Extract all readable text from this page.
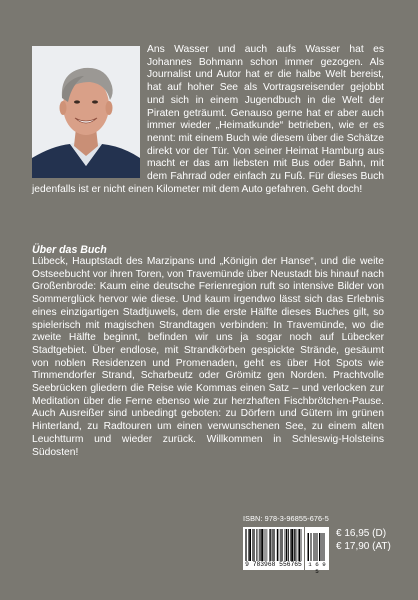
Ans Wasser und auch aufs Wasser hat es Johannes Bohmann schon immer gezogen. Als Journalist und Autor hat er die halbe Welt bereist, hat auf hoher See als Vortragsreisender gejobbt und sich in einem Jugendbuch in die Welt der Piraten geträumt. Genauso gerne hat er aber auch immer wieder „Heimatkunde“ betrieben, wie er es nennt: mit einem Buch wie diesem über die Schätze direkt vor der Tür. Von seiner Heimat Hamburg aus macht er das am liebsten mit Bus oder Bahn, mit dem Fahrrad oder einfach zu Fuß. Für dieses Buch jedenfalls ist er nicht einen Kilometer mit dem Auto gefahren. Geht doch!

Über das Buch

Lübeck, Hauptstadt des Marzipans und „Königin der Hanse“, und die weite Ostseebucht vor ihren Toren, von Travemünde über Neustadt bis hinauf nach Großenbrode: Kaum eine deutsche Ferienregion ruft so intensive Bilder von Sommerglück hervor wie diese. Und kaum irgendwo lässt sich das Erlebnis eines einzigartigen Stadtjuwels, dem die erste Hälfte dieses Buches gilt, so spielerisch mit magischen Strandtagen verbinden: In Travemünde, wo die zweite Hälfte beginnt, befinden wir uns ja sogar noch auf Lübecker Stadtgebiet. Über endlose, mit Strandkörben gespickte Strände, gesäumt von noblen Residenzen und Promenaden, geht es über Hot Spots wie Timmendorfer Strand, Scharbeutz oder Grömitz gen Norden. Prachtvolle Seebrücken gliedern die Reise wie Kommas einen Satz – und verlocken zur Meditation über die Ferne ebenso wie zur herzhaften Fischbrötchen-Pause. Auch Ausreißer sind unbedingt geboten: zu Dörfern und Gütern im grünen Hinterland, zu Radtouren um einen verwunschenen See, zu einem alten Leuchtturm und wieder zurück. Willkommen in Schleswig-Holsteins Südosten!

ISBN: 978-3-96855-676-5
9 783968 556765	1 6 9 5
€ 16,95 (D)
€ 17,90 (AT)
